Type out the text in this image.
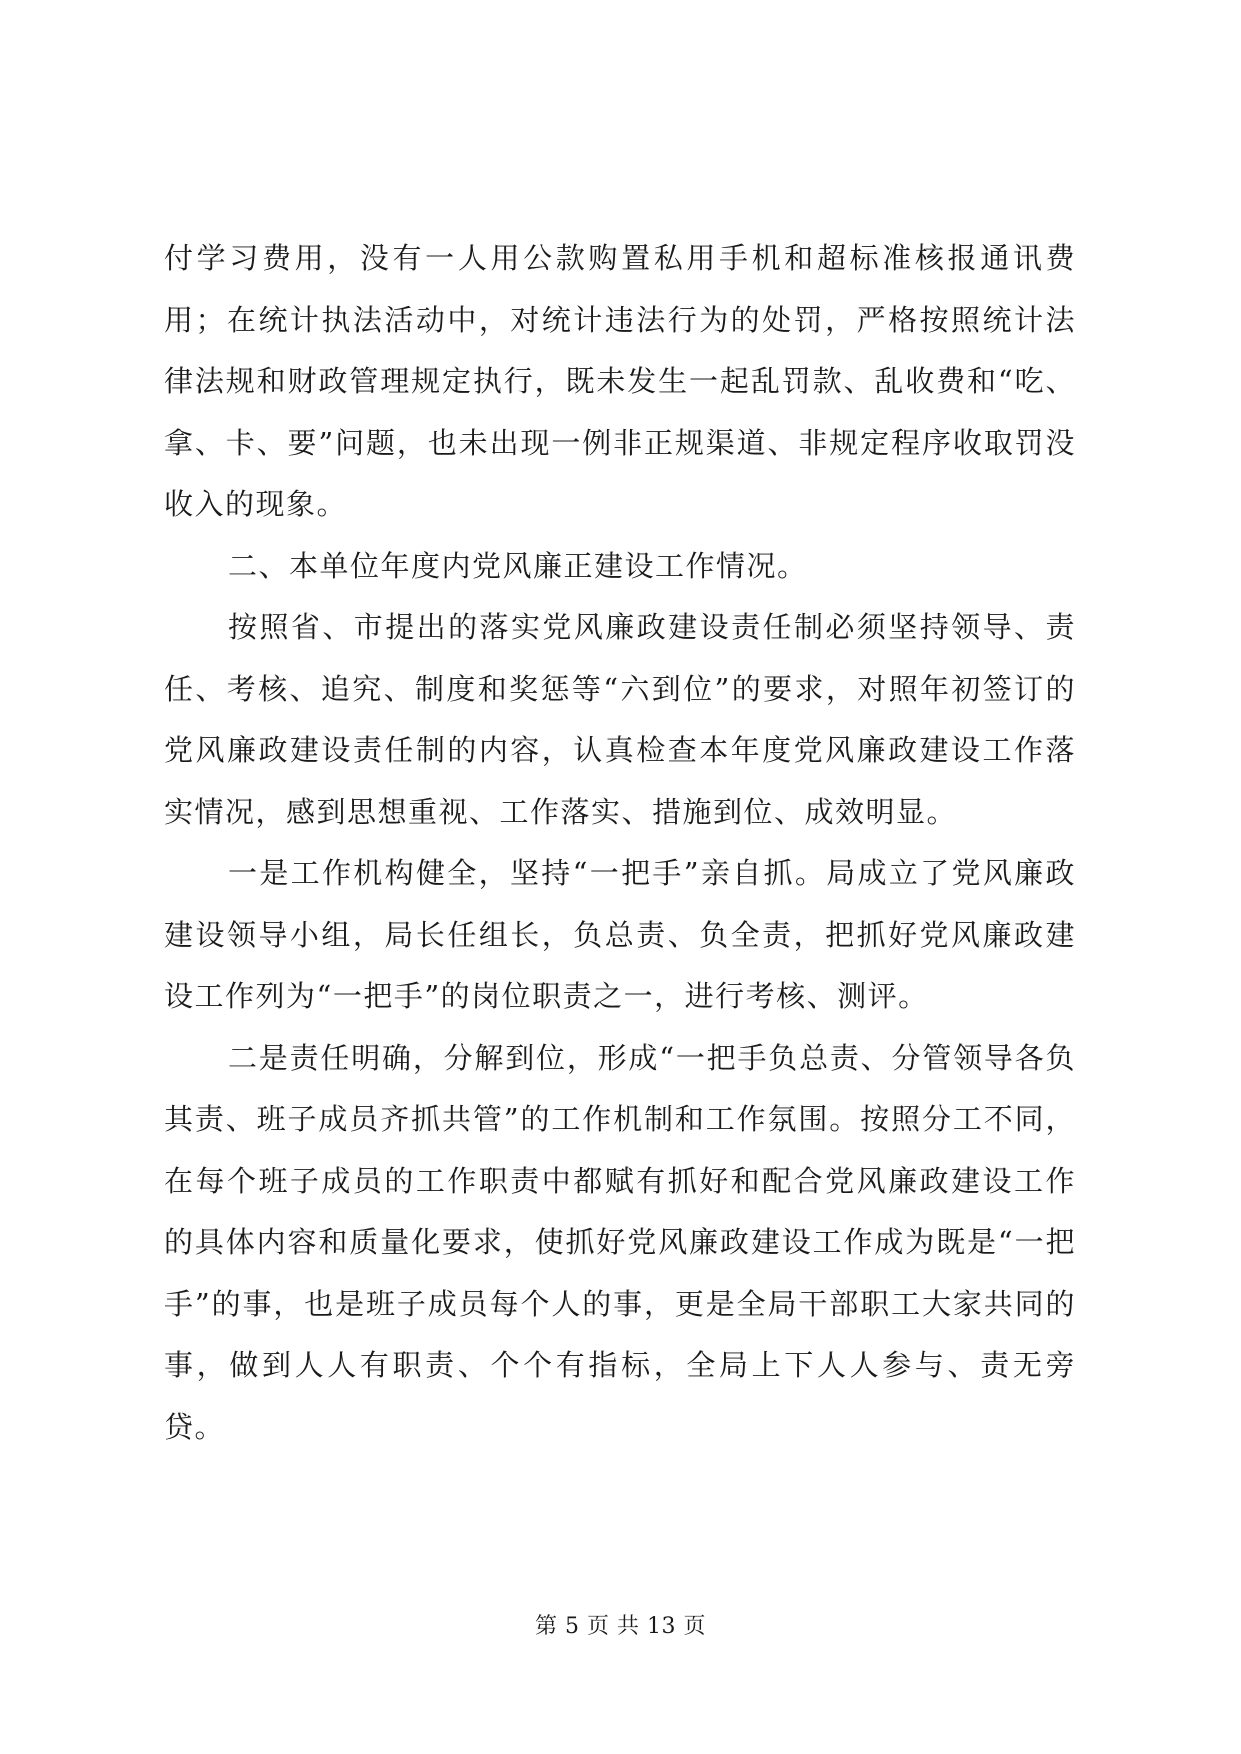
付学习费用，没有一人用公款购置私用手机和超标准核报通讯费用；在统计执法活动中，对统计违法行为的处罚，严格按照统计法律法规和财政管理规定执行，既未发生一起乱罚款、乱收费和“吃、拿、卡、要”问题，也未出现一例非正规渠道、非规定程序收取罚没收入的现象。

二、本单位年度内党风廉正建设工作情况。

按照省、市提出的落实党风廉政建设责任制必须坚持领导、责任、考核、追究、制度和奖惩等“六到位”的要求，对照年初签订的党风廉政建设责任制的内容，认真检查本年度党风廉政建设工作落实情况，感到思想重视、工作落实、措施到位、成效明显。

一是工作机构健全，坚持“一把手”亲自抓。局成立了党风廉政建设领导小组，局长任组长，负总责、负全责，把抓好党风廉政建设工作列为“一把手”的岗位职责之一，进行考核、测评。

二是责任明确，分解到位，形成“一把手负总责、分管领导各负其责、班子成员齐抓共管”的工作机制和工作氛围。按照分工不同，在每个班子成员的工作职责中都赋有抓好和配合党风廉政建设工作的具体内容和质量化要求，使抓好党风廉政建设工作成为既是“一把手”的事，也是班子成员每个人的事，更是全局干部职工大家共同的事，做到人人有职责、个个有指标，全局上下人人参与、责无旁贷。

第 5 页 共 13 页
